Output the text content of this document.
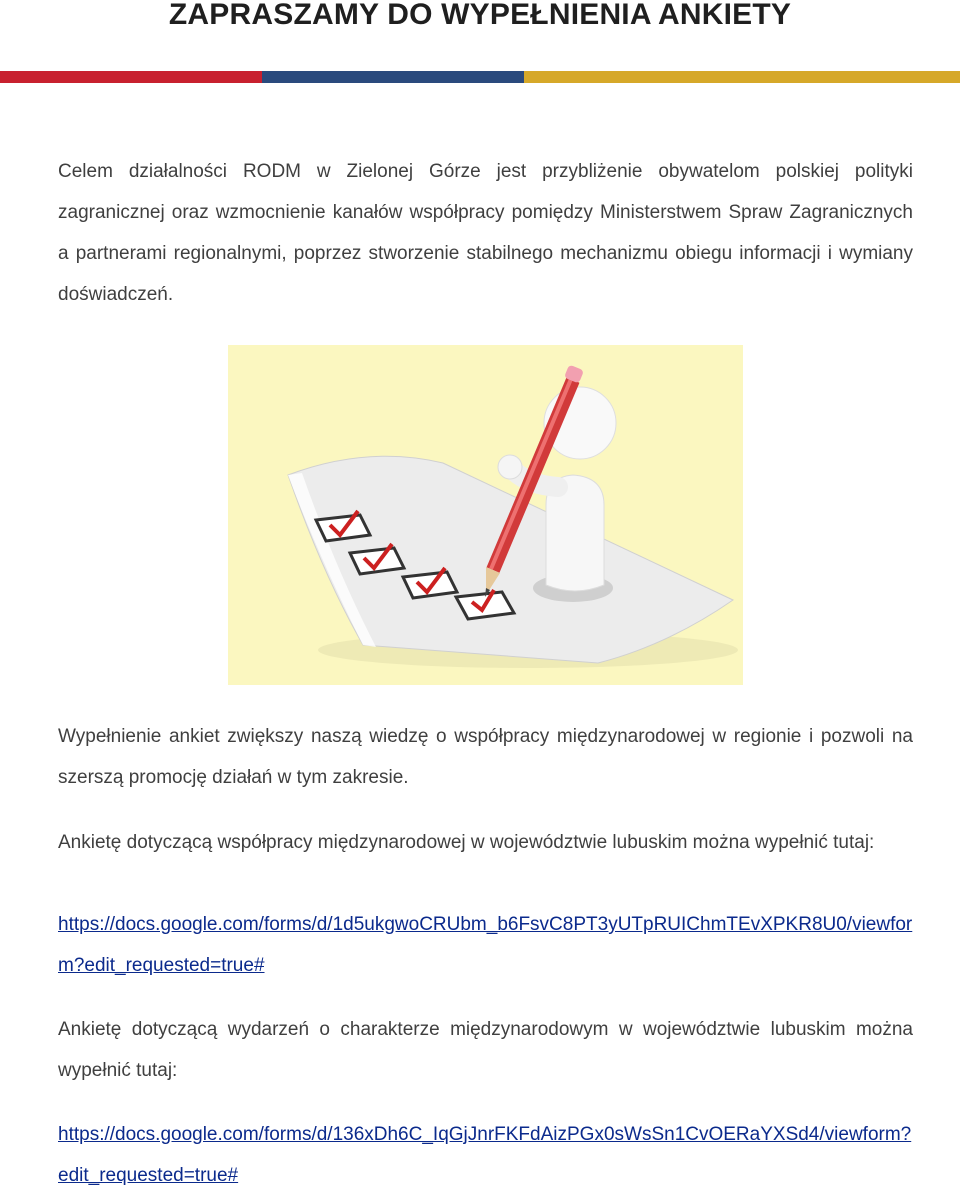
ZAPRASZAMY DO WYPEŁNIENIA ANKIETY

Celem działalności RODM w Zielonej Górze jest przybliżenie obywatelom polskiej polityki zagranicznej oraz wzmocnienie kanałów współpracy pomiędzy Ministerstwem Spraw Zagranicznych a partnerami regionalnymi, poprzez stworzenie stabilnego mechanizmu obiegu informacji i wymiany doświadczeń.

Wypełnienie ankiet zwiększy naszą wiedzę o współpracy międzynarodowej w regionie i pozwoli na szerszą promocję działań w tym zakresie.

Ankietę dotyczącą współpracy międzynarodowej w województwie lubuskim można wypełnić tutaj:

https://docs.google.com/forms/d/1d5ukgwoCRUbm_b6FsvC8PT3yUTpRUIChmTEvXPKR8U0/viewform?edit_requested=true#

Ankietę dotyczącą wydarzeń o charakterze międzynarodowym w województwie lubuskim można wypełnić tutaj:

https://docs.google.com/forms/d/136xDh6C_IqGjJnrFKFdAizPGx0sWsSn1CvOERaYXSd4/viewform?edit_requested=true#
